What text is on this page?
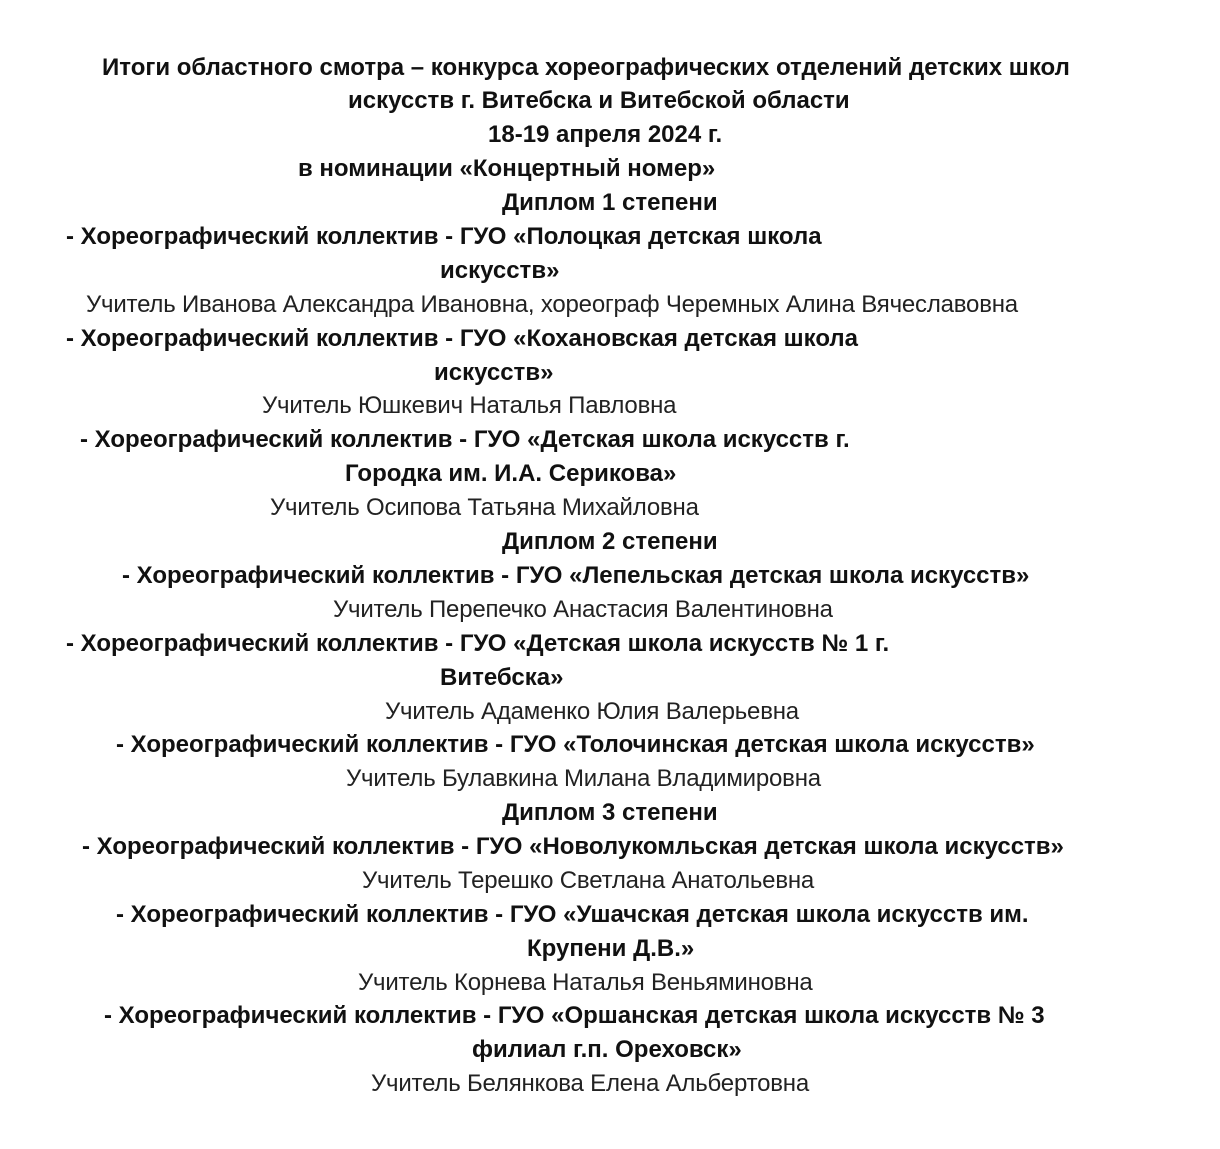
Итоги областного смотра – конкурса хореографических отделений детских школ
искусств г. Витебска и Витебской области
18-19 апреля 2024 г.
в номинации «Концертный номер»
Диплом 1 степени
- Хореографический коллектив - ГУО «Полоцкая детская школа
искусств»
Учитель Иванова Александра Ивановна, хореограф Черемных Алина Вячеславовна
- Хореографический коллектив - ГУО «Кохановская детская школа
искусств»
Учитель Юшкевич Наталья Павловна
- Хореографический коллектив - ГУО «Детская школа искусств г.
Городка им. И.А. Серикова»
Учитель Осипова Татьяна Михайловна
Диплом 2 степени
- Хореографический коллектив - ГУО «Лепельская детская школа искусств»
Учитель Перепечко Анастасия Валентиновна
- Хореографический коллектив - ГУО «Детская школа искусств № 1 г.
Витебска»
Учитель Адаменко Юлия Валерьевна
- Хореографический коллектив - ГУО «Толочинская детская школа искусств»
Учитель Булавкина Милана Владимировна
Диплом 3 степени
- Хореографический коллектив - ГУО «Новолукомльская детская школа искусств»
Учитель Терешко Светлана Анатольевна
- Хореографический коллектив - ГУО «Ушачская детская школа искусств им.
Крупени Д.В.»
Учитель Корнева Наталья Веньяминовна
- Хореографический коллектив - ГУО «Оршанская детская школа искусств № 3
филиал г.п. Ореховск»
Учитель Белянкова Елена Альбертовна
